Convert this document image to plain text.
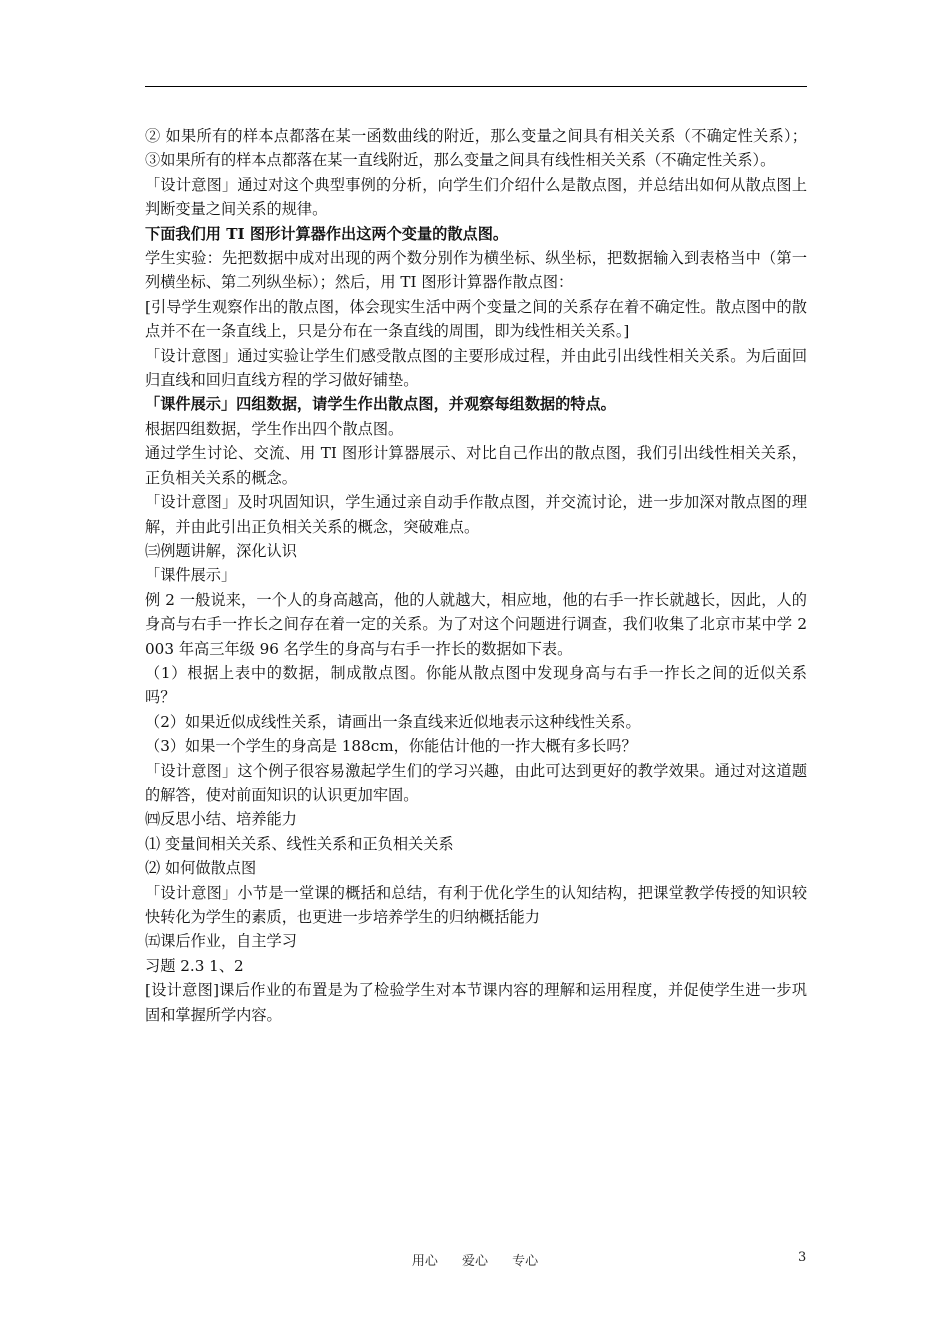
② 如果所有的样本点都落在某一函数曲线的附近，那么变量之间具有相关关系（不确定性关系）；③如果所有的样本点都落在某一直线附近，那么变量之间具有线性相关关系（不确定性关系）。

「设计意图」通过对这个典型事例的分析，向学生们介绍什么是散点图，并总结出如何从散点图上判断变量之间关系的规律。

下面我们用 TI 图形计算器作出这两个变量的散点图。

学生实验：先把数据中成对出现的两个数分别作为横坐标、纵坐标，把数据输入到表格当中（第一列横坐标、第二列纵坐标）；然后，用 TI 图形计算器作散点图：

[引导学生观察作出的散点图，体会现实生活中两个变量之间的关系存在着不确定性。散点图中的散点并不在一条直线上，只是分布在一条直线的周围，即为线性相关关系。]

「设计意图」通过实验让学生们感受散点图的主要形成过程，并由此引出线性相关关系。为后面回归直线和回归直线方程的学习做好铺垫。

「课件展示」四组数据，请学生作出散点图，并观察每组数据的特点。

根据四组数据，学生作出四个散点图。

通过学生讨论、交流、用 TI 图形计算器展示、对比自己作出的散点图，我们引出线性相关关系，正负相关关系的概念。

「设计意图」及时巩固知识，学生通过亲自动手作散点图，并交流讨论，进一步加深对散点图的理解，并由此引出正负相关关系的概念，突破难点。

㈢例题讲解，深化认识

「课件展示」

例 2 一般说来，一个人的身高越高，他的人就越大，相应地，他的右手一拃长就越长，因此，人的身高与右手一拃长之间存在着一定的关系。为了对这个问题进行调查，我们收集了北京市某中学 2003 年高三年级 96 名学生的身高与右手一拃长的数据如下表。

（1）根据上表中的数据，制成散点图。你能从散点图中发现身高与右手一拃长之间的近似关系吗？

（2）如果近似成线性关系，请画出一条直线来近似地表示这种线性关系。

（3）如果一个学生的身高是 188cm，你能估计他的一拃大概有多长吗？

「设计意图」这个例子很容易激起学生们的学习兴趣，由此可达到更好的教学效果。通过对这道题的解答，使对前面知识的认识更加牢固。

㈣反思小结、培养能力

⑴ 变量间相关关系、线性关系和正负相关关系

⑵ 如何做散点图

「设计意图」小节是一堂课的概括和总结，有利于优化学生的认知结构，把课堂教学传授的知识较快转化为学生的素质，也更进一步培养学生的归纳概括能力

㈤课后作业，自主学习

习题 2.3 1、2

[设计意图]课后作业的布置是为了检验学生对本节课内容的理解和运用程度，并促使学生进一步巩固和掌握所学内容。

用心 爱心 专心	3
